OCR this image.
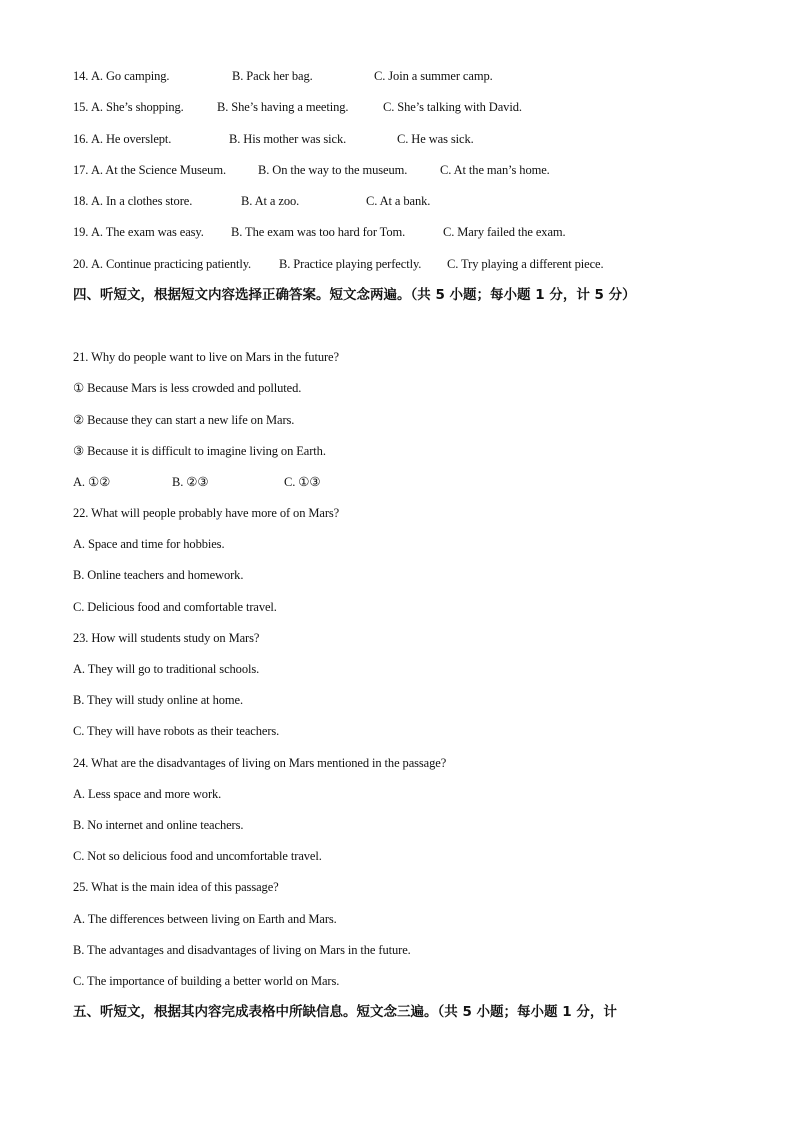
14. A. Go camping.	B. Pack her bag.	C. Join a summer camp.
15. A. She’s shopping.	B. She’s having a meeting.	C. She’s talking with David.
16. A. He overslept.	B. His mother was sick.	C. He was sick.
17. A. At the Science Museum.	B. On the way to the museum.	C. At the man’s home.
18. A. In a clothes store.	B. At a zoo.	C. At a bank.
19. A. The exam was easy. B. The exam was too hard for Tom.	C. Mary failed the exam.
20. A. Continue practicing patiently. B. Practice playing perfectly. C. Try playing a different piece.
四、听短文，根据短文内容选择正确答案。短文念两遍。（共 5 小题；每小题 1 分，计 5 分）
21. Why do people want to live on Mars in the future?
① Because Mars is less crowded and polluted.
② Because they can start a new life on Mars.
③ Because it is difficult to imagine living on Earth.
A. ①②	B. ②③	C. ①③
22. What will people probably have more of on Mars?
A. Space and time for hobbies.
B. Online teachers and homework.
C. Delicious food and comfortable travel.
23. How will students study on Mars?
A. They will go to traditional schools.
B. They will study online at home.
C. They will have robots as their teachers.
24. What are the disadvantages of living on Mars mentioned in the passage?
A. Less space and more work.
B. No internet and online teachers.
C. Not so delicious food and uncomfortable travel.
25. What is the main idea of this passage?
A. The differences between living on Earth and Mars.
B. The advantages and disadvantages of living on Mars in the future.
C. The importance of building a better world on Mars.
五、听短文，根据其内容完成表格中所缺信息。短文念三遍。（共 5 小题；每小题 1 分，计
